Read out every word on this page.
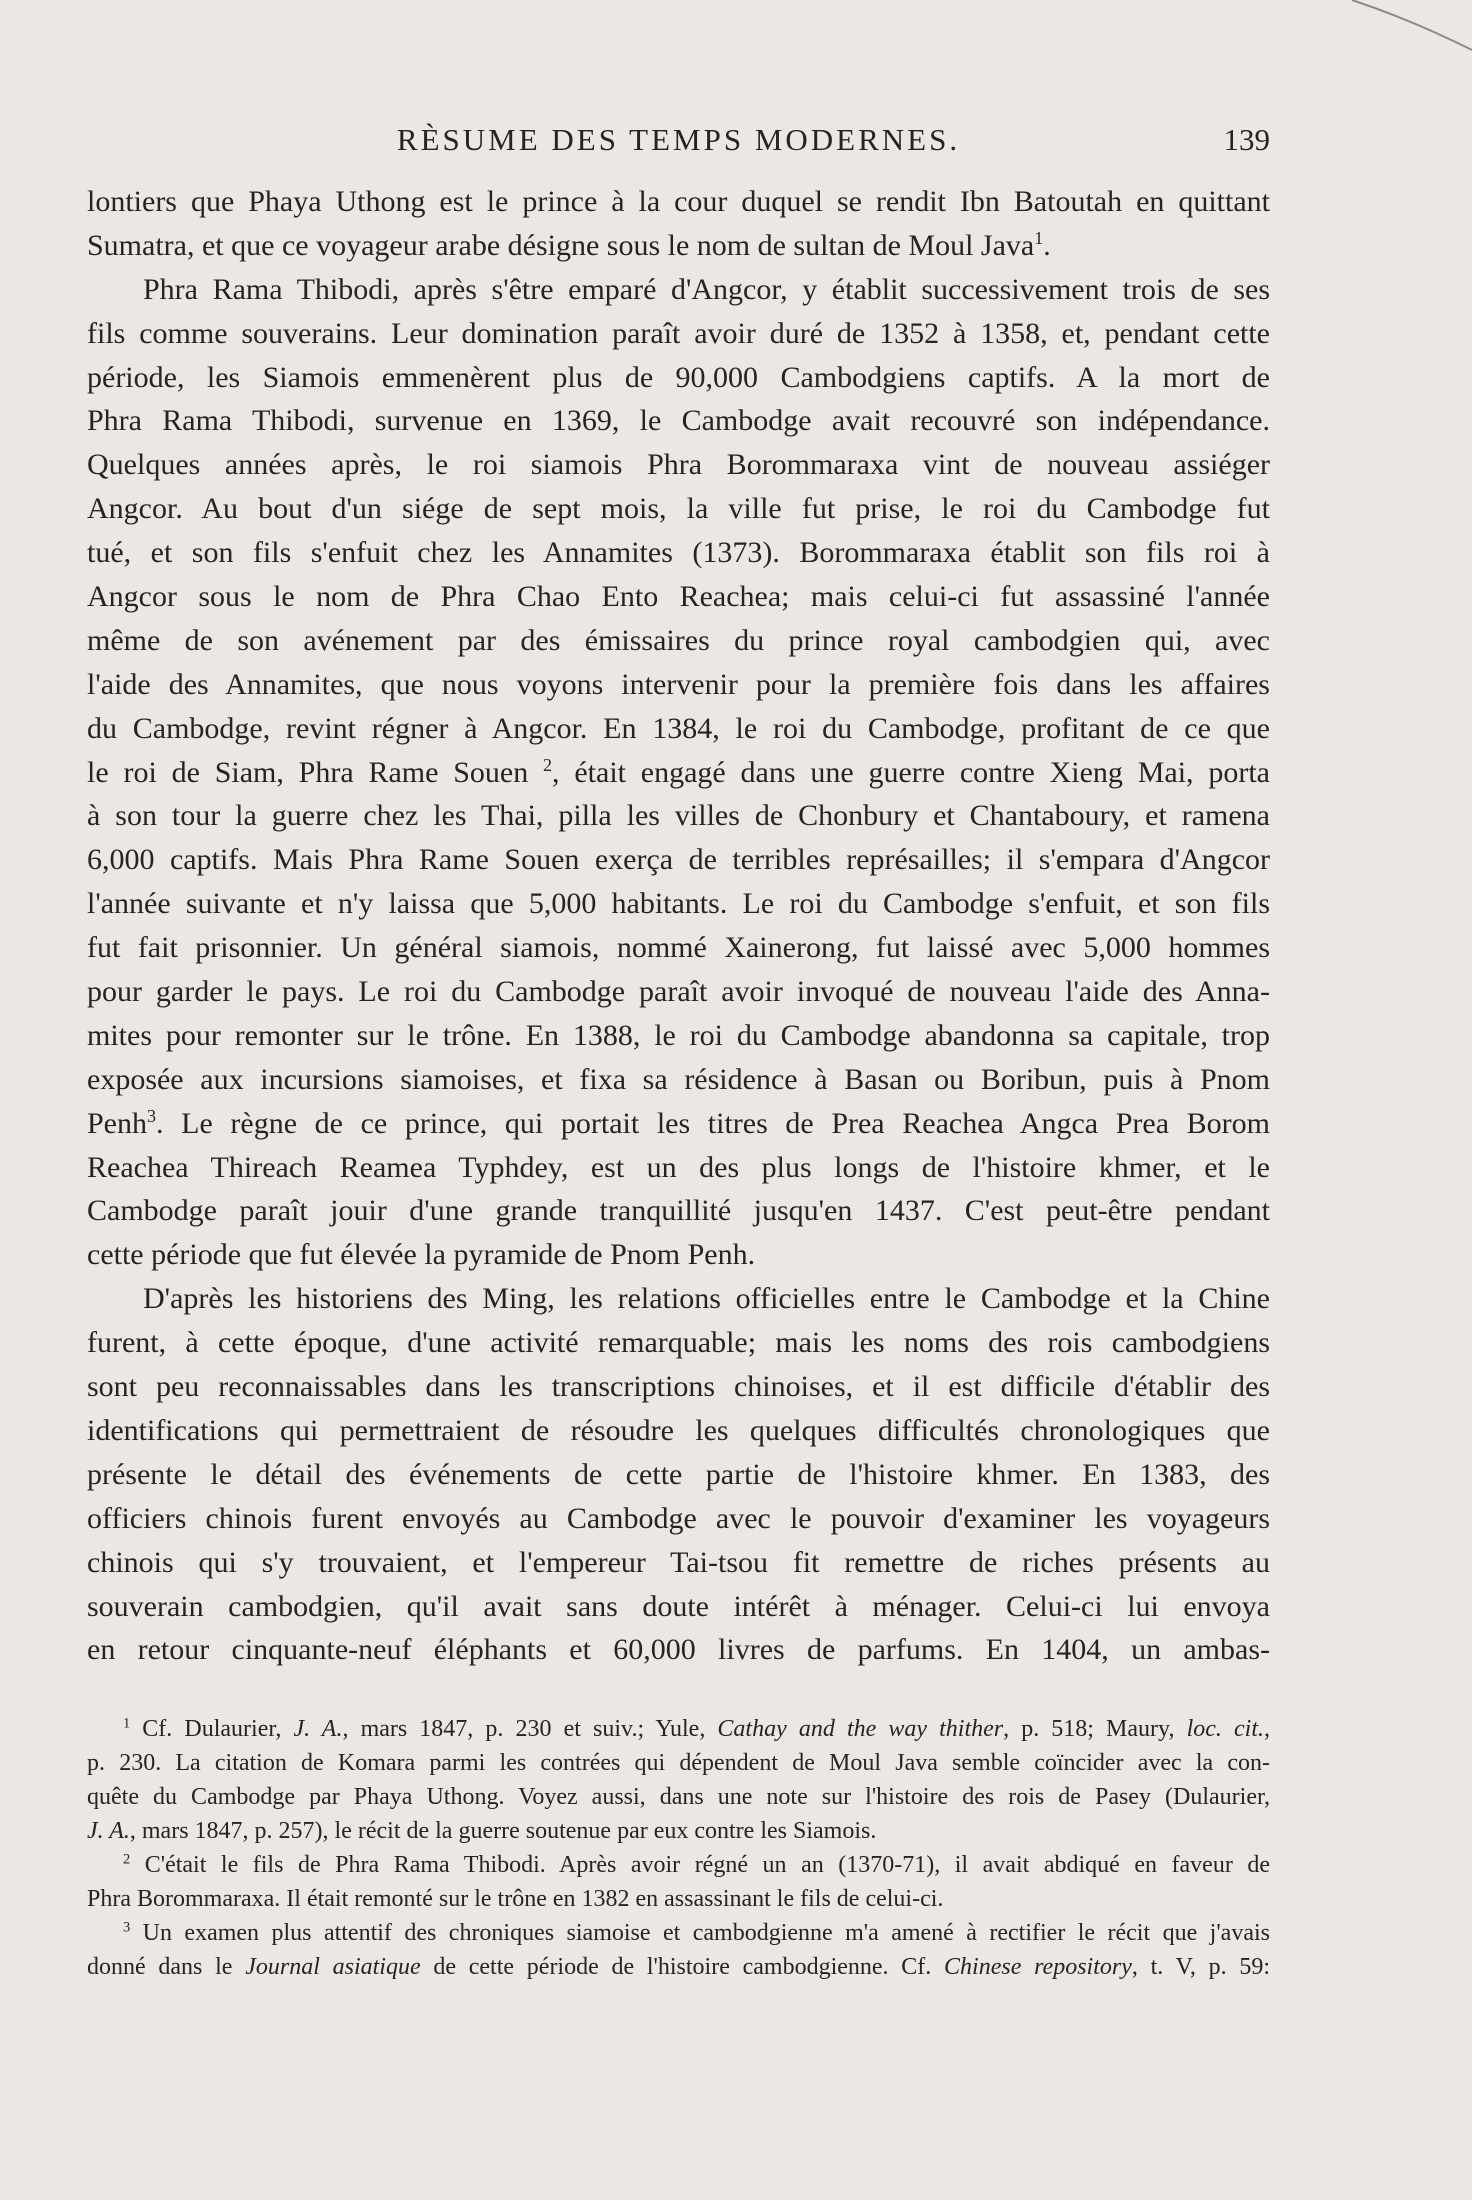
RÈSUME DES TEMPS MODERNES.	139
lontiers que Phaya Uthong est le prince à la cour duquel se rendit Ibn Batoutah en quittant
Sumatra, et que ce voyageur arabe désigne sous le nom de sultan de Moul Java$^1$.
Phra Rama Thibodi, après s'être emparé d'Angcor, y établit successivement trois de ses
fils comme souverains. Leur domination paraît avoir duré de 1352 à 1358, et, pendant cette
période, les Siamois emmenèrent plus de 90,000 Cambodgiens captifs. A la mort de
Phra Rama Thibodi, survenue en 1369, le Cambodge avait recouvré son indépendance.
Quelques années après, le roi siamois Phra Borommaraxa vint de nouveau assiéger
Angcor. Au bout d'un siége de sept mois, la ville fut prise, le roi du Cambodge fut
tué, et son fils s'enfuit chez les Annamites (1373). Borommaraxa établit son fils roi à
Angcor sous le nom de Phra Chao Ento Reachea; mais celui-ci fut assassiné l'année
même de son avénement par des émissaires du prince royal cambodgien qui, avec
l'aide des Annamites, que nous voyons intervenir pour la première fois dans les affaires
du Cambodge, revint régner à Angcor. En 1384, le roi du Cambodge, profitant de ce que
le roi de Siam, Phra Rame Souen $^2$, était engagé dans une guerre contre Xieng Mai, porta
à son tour la guerre chez les Thai, pilla les villes de Chonbury et Chantaboury, et ramena
6,000 captifs. Mais Phra Rame Souen exerça de terribles représailles; il s'empara d'Angcor
l'année suivante et n'y laissa que 5,000 habitants. Le roi du Cambodge s'enfuit, et son fils
fut fait prisonnier. Un général siamois, nommé Xainerong, fut laissé avec 5,000 hommes
pour garder le pays. Le roi du Cambodge paraît avoir invoqué de nouveau l'aide des Anna-
mites pour remonter sur le trône. En 1388, le roi du Cambodge abandonna sa capitale, trop
exposée aux incursions siamoises, et fixa sa résidence à Basan ou Boribun, puis à Pnom
Penh$^3$. Le règne de ce prince, qui portait les titres de Prea Reachea Angca Prea Borom
Reachea Thireach Reamea Typhdey, est un des plus longs de l'histoire khmer, et le
Cambodge paraît jouir d'une grande tranquillité jusqu'en 1437. C'est peut-être pendant
cette période que fut élevée la pyramide de Pnom Penh.
D'après les historiens des Ming, les relations officielles entre le Cambodge et la Chine
furent, à cette époque, d'une activité remarquable; mais les noms des rois cambodgiens
sont peu reconnaissables dans les transcriptions chinoises, et il est difficile d'établir des
identifications qui permettraient de résoudre les quelques difficultés chronologiques que
présente le détail des événements de cette partie de l'histoire khmer. En 1383, des
officiers chinois furent envoyés au Cambodge avec le pouvoir d'examiner les voyageurs
chinois qui s'y trouvaient, et l'empereur Tai-tsou fit remettre de riches présents au
souverain cambodgien, qu'il avait sans doute intérêt à ménager. Celui-ci lui envoya
en retour cinquante-neuf éléphants et 60,000 livres de parfums. En 1404, un ambas-
$^1$ Cf. Dulaurier, J. A., mars 1847, p. 230 et suiv.; Yule, Cathay and the way thither, p. 518; Maury, loc. cit.,
p. 230. La citation de Komara parmi les contrées qui dépendent de Moul Java semble coïncider avec la con-
quête du Cambodge par Phaya Uthong. Voyez aussi, dans une note sur l'histoire des rois de Pasey (Dulaurier,
J. A., mars 1847, p. 257), le récit de la guerre soutenue par eux contre les Siamois.
$^2$ C'était le fils de Phra Rama Thibodi. Après avoir régné un an (1370-71), il avait abdiqué en faveur de
Phra Borommaraxa. Il était remonté sur le trône en 1382 en assassinant le fils de celui-ci.
$^3$ Un examen plus attentif des chroniques siamoise et cambodgienne m'a amené à rectifier le récit que j'avais
donné dans le Journal asiatique de cette période de l'histoire cambodgienne. Cf. Chinese repository, t. V, p. 59:
